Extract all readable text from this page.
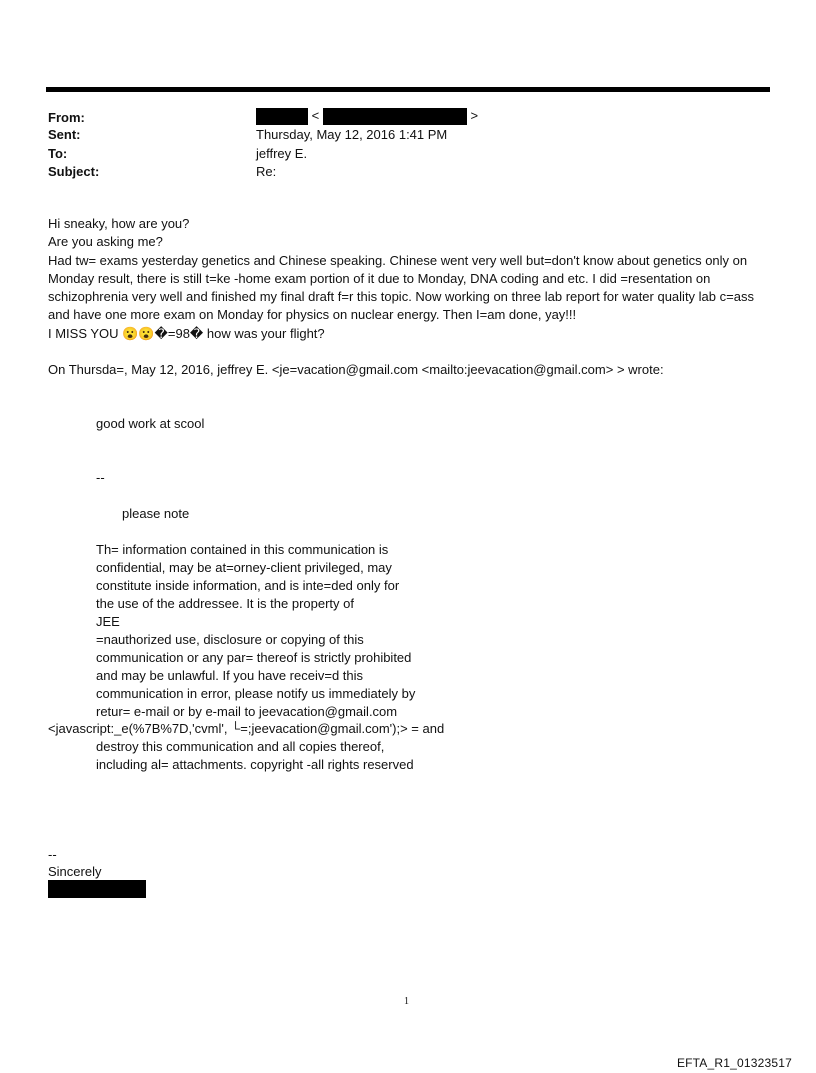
From:
Sent:
To:
Subject:
<	>
Thursday, May 12, 2016 1:41 PM
jeffrey E.
Re:

Hi sneaky, how are you?

Are you asking me?

Had tw= exams yesterday genetics and Chinese speaking. Chinese went very well but=don't know about genetics only on Monday result, there is still t=ke -home exam portion of it due to Monday, DNA coding and etc. I did =resentation on schizophrenia very well and finished my final draft f=r this topic. Now working on three lab report for water quality lab c=ass and have one more exam on Monday for physics on nuclear energy. Then I=am done, yay!!!

I MISS YOU 😮😮�=98� how was your flight?

On Thursda=, May 12, 2016, jeffrey E. <je=vacation@gmail.com <mailto:jeevacation@gmail.com> > wrote:
good work at scool
--
please note
Th= information contained in this communication is
confidential, may be at=orney-client privileged, may
constitute inside information, and is inte=ded only for
the use of the addressee. It is the property of
JEE
=nauthorized use, disclosure or copying of this
communication or any par= thereof is strictly prohibited
and may be unlawful. If you have receiv=d this
communication in error, please notify us immediately by
retur= e-mail or by e-mail to jeevacation@gmail.com
<javascript:_e(%7B%7D,'cvml', └=;jeevacation@gmail.com');> = and
destroy this communication and all copies thereof,
including al= attachments. copyright -all rights reserved
--
Sincerely
1
EFTA_R1_01323517
